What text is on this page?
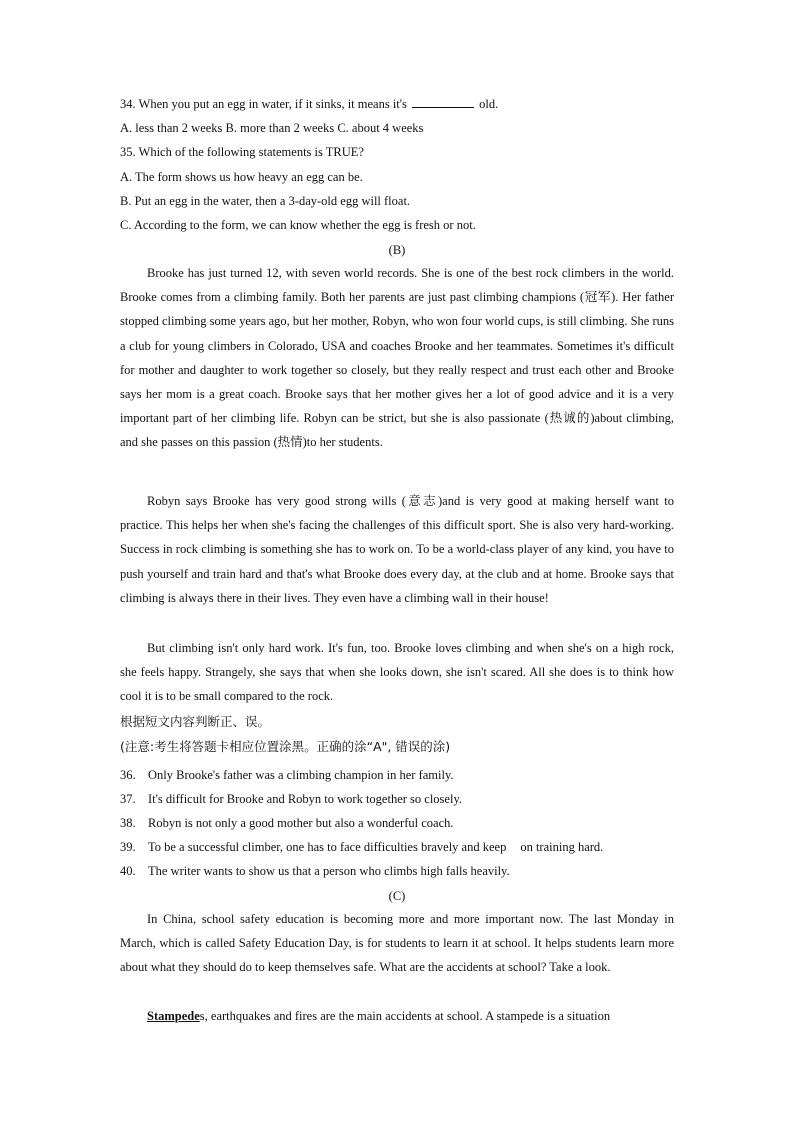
34. When you put an egg in water, if it sinks, it means it's	old.
A. less than 2 weeks B. more than 2 weeks C. about 4 weeks
35. Which of the following statements is TRUE?
A. The form shows us how heavy an egg can be.
B. Put an egg in the water, then a 3-day-old egg will float.
C. According to the form, we can know whether the egg is fresh or not.
(B)

Brooke has just turned 12, with seven world records. She is one of the best rock climbers in the world. Brooke comes from a climbing family. Both her parents are just past climbing champions (冠军). Her father stopped climbing some years ago, but her mother, Robyn, who won four world cups, is still climbing. She runs a club for young climbers in Colorado, USA and coaches Brooke and her teammates. Sometimes it's difficult for mother and daughter to work together so closely, but they really respect and trust each other and Brooke says her mom is a great coach. Brooke says that her mother gives her a lot of good advice and it is a very important part of her climbing life. Robyn can be strict, but she is also passionate (热诚的)about climbing, and she passes on this passion (热情)to her students.

Robyn says Brooke has very good strong wills (意志)and is very good at making herself want to practice. This helps her when she's facing the challenges of this difficult sport. She is also very hard-working. Success in rock climbing is something she has to work on. To be a world-class player of any kind, you have to push yourself and train hard and that's what Brooke does every day, at the club and at home. Brooke says that climbing is always there in their lives. They even have a climbing wall in their house!

But climbing isn't only hard work. It's fun, too. Brooke loves climbing and when she's on a high rock, she feels happy. Strangely, she says that when she looks down, she isn't scared. All she does is to think how cool it is to be small compared to the rock.

根据短文内容判断正、误。
(注意:考生将答题卡相应位置涂黑。正确的涂“A", 错误的涂)
36. Only Brooke's father was a climbing champion in her family.
37. It's difficult for Brooke and Robyn to work together so closely.
38. Robyn is not only a good mother but also a wonderful coach.
39. To be a successful climber, one has to face difficulties bravely and keep on training hard.
40. The writer wants to show us that a person who climbs high falls heavily.
(C)

In China, school safety education is becoming more and more important now. The last Monday in March, which is called Safety Education Day, is for students to learn it at school. It helps students learn more about what they should do to keep themselves safe. What are the accidents at school? Take a look.

Stampedes, earthquakes and fires are the main accidents at school. A stampede is a situation
